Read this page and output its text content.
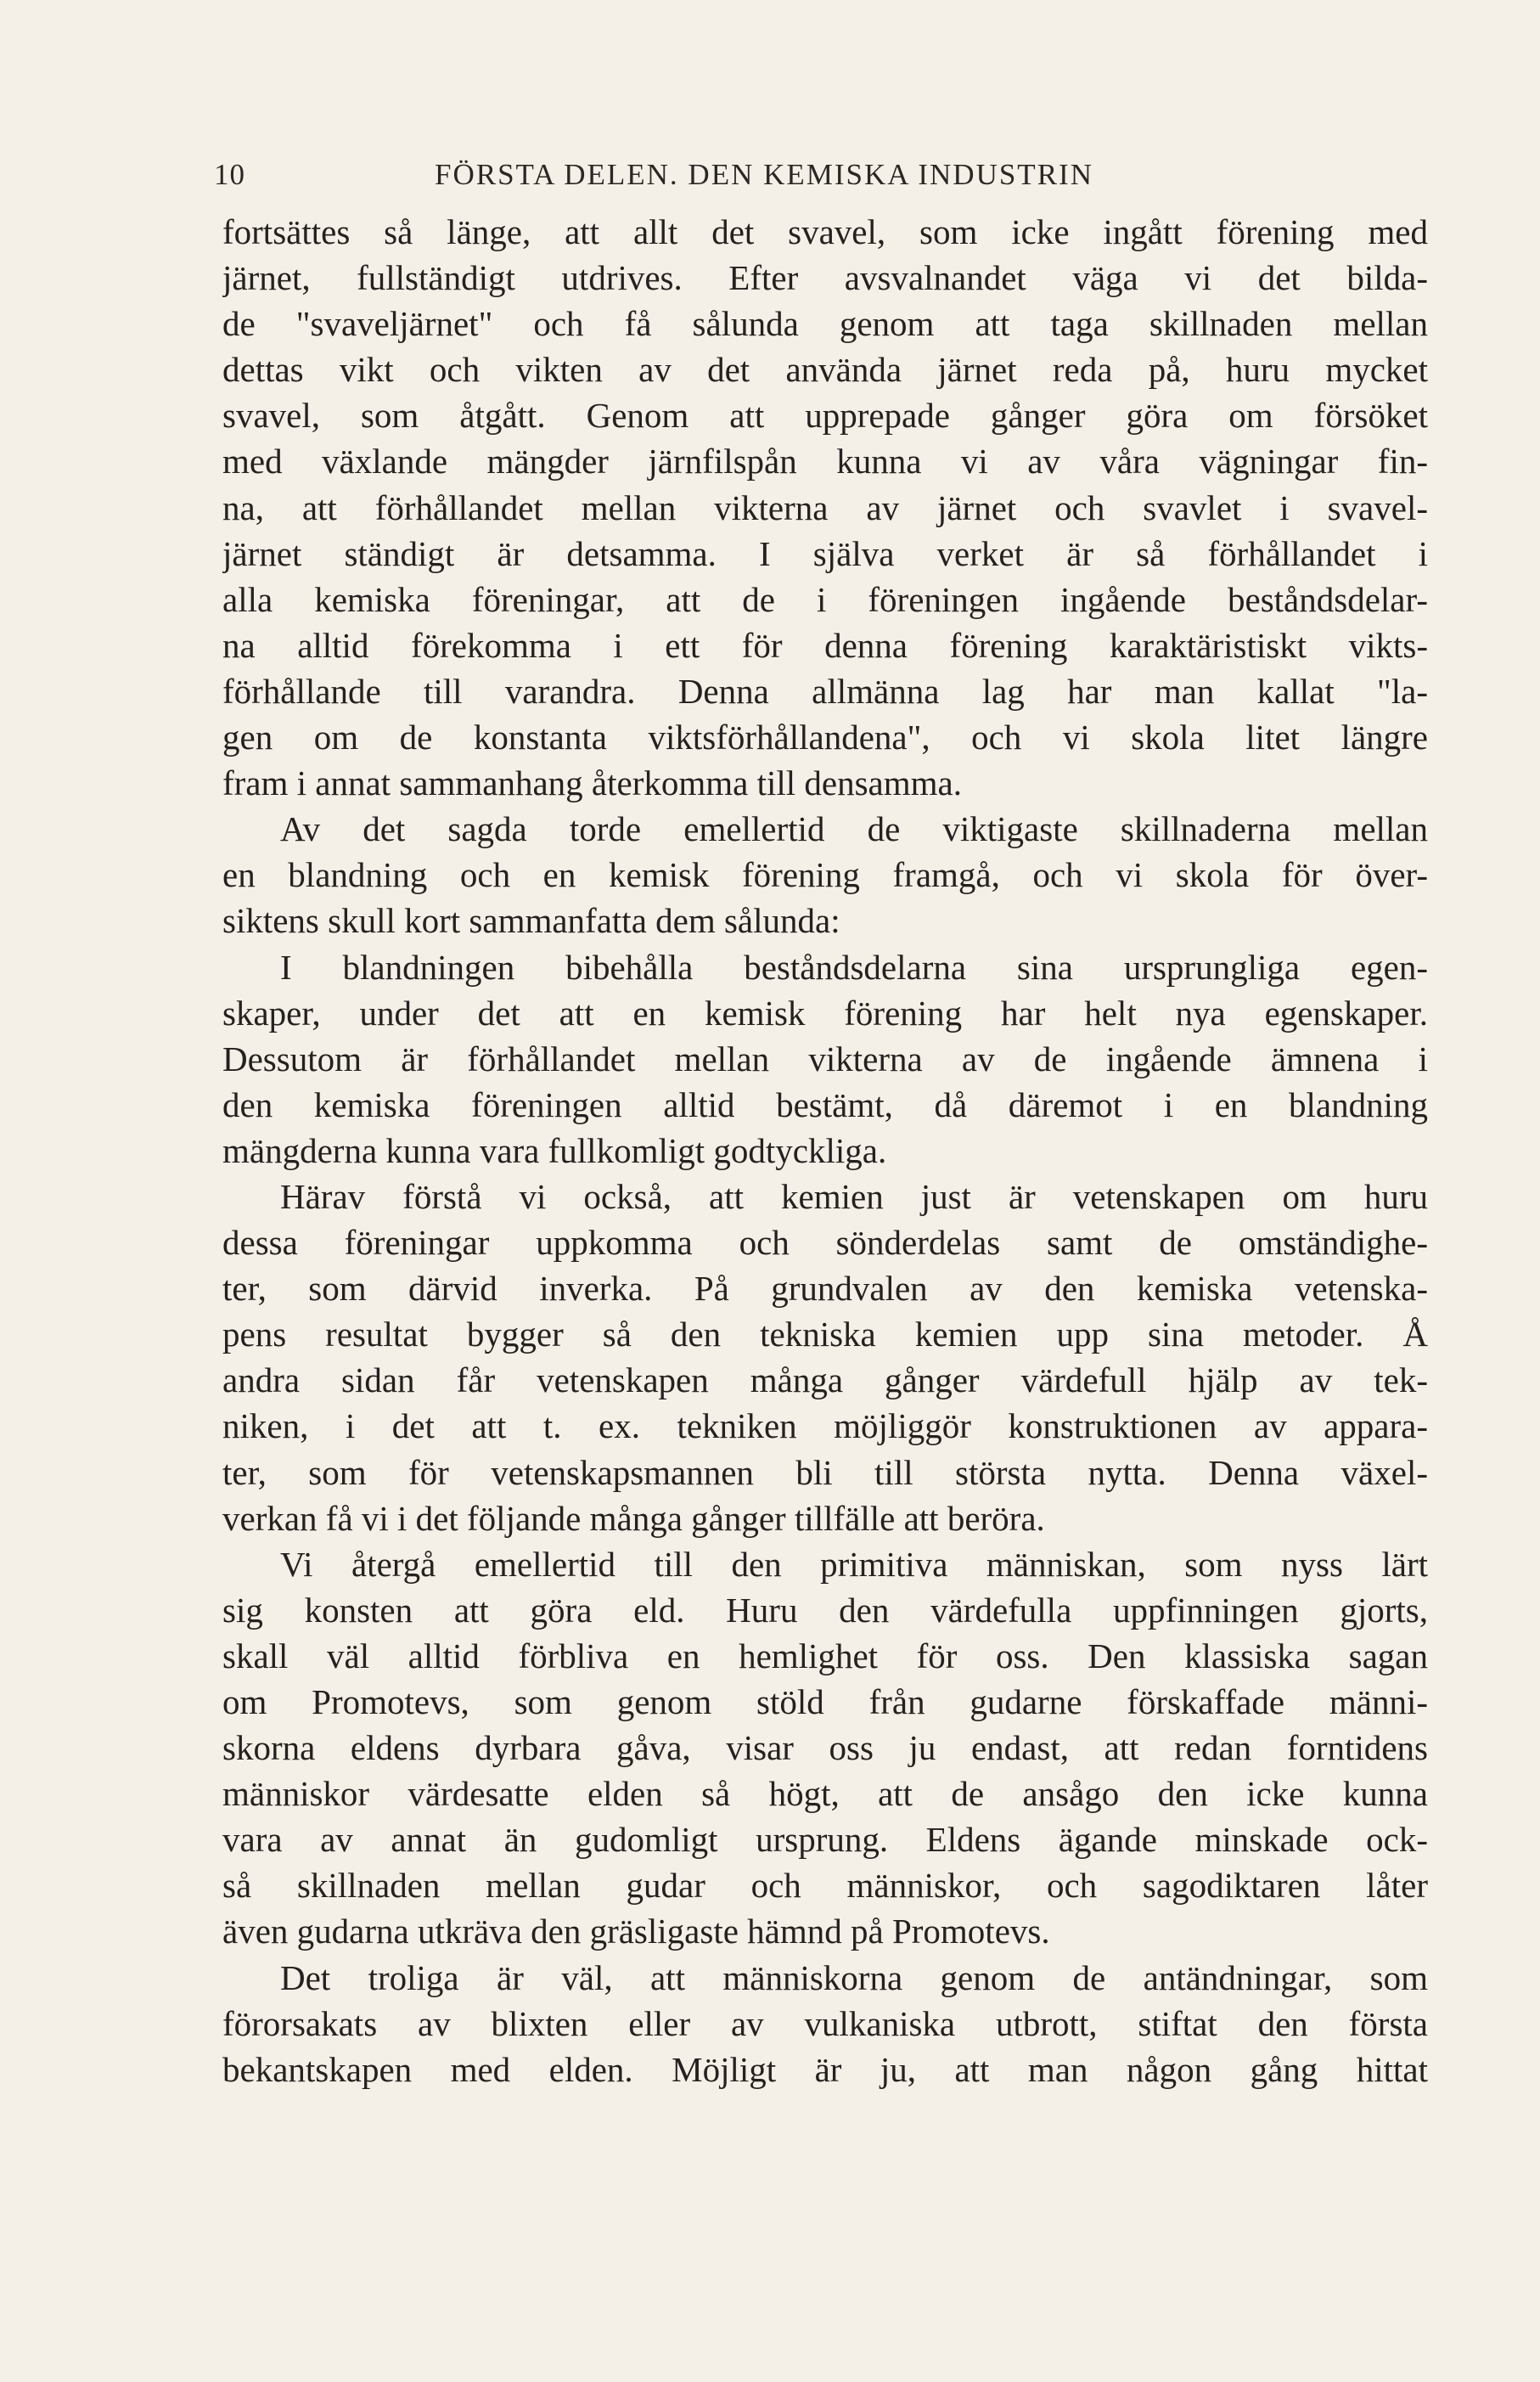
10	FÖRSTA DELEN. DEN KEMISKA INDUSTRIN
fortsättes så länge, att allt det svavel, som icke ingått förening med
järnet, fullständigt utdrives. Efter avsvalnandet väga vi det bilda-
de "svaveljärnet" och få sålunda genom att taga skillnaden mellan
dettas vikt och vikten av det använda järnet reda på, huru mycket
svavel, som åtgått. Genom att upprepade gånger göra om försöket
med växlande mängder järnfilspån kunna vi av våra vägningar fin-
na, att förhållandet mellan vikterna av järnet och svavlet i svavel-
järnet ständigt är detsamma. I själva verket är så förhållandet i
alla kemiska föreningar, att de i föreningen ingående beståndsdelar-
na alltid förekomma i ett för denna förening karaktäristiskt vikts-
förhållande till varandra. Denna allmänna lag har man kallat "la-
gen om de konstanta viktsförhållandena", och vi skola litet längre
fram i annat sammanhang återkomma till densamma.
Av det sagda torde emellertid de viktigaste skillnaderna mellan
en blandning och en kemisk förening framgå, och vi skola för över-
siktens skull kort sammanfatta dem sålunda:
I blandningen bibehålla beståndsdelarna sina ursprungliga egen-
skaper, under det att en kemisk förening har helt nya egenskaper.
Dessutom är förhållandet mellan vikterna av de ingående ämnena i
den kemiska föreningen alltid bestämt, då däremot i en blandning
mängderna kunna vara fullkomligt godtyckliga.
Härav förstå vi också, att kemien just är vetenskapen om huru
dessa föreningar uppkomma och sönderdelas samt de omständighe-
ter, som därvid inverka. På grundvalen av den kemiska vetenska-
pens resultat bygger så den tekniska kemien upp sina metoder. Å
andra sidan får vetenskapen många gånger värdefull hjälp av tek-
niken, i det att t. ex. tekniken möjliggör konstruktionen av appara-
ter, som för vetenskapsmannen bli till största nytta. Denna växel-
verkan få vi i det följande många gånger tillfälle att beröra.
Vi återgå emellertid till den primitiva människan, som nyss lärt
sig konsten att göra eld. Huru den värdefulla uppfinningen gjorts,
skall väl alltid förbliva en hemlighet för oss. Den klassiska sagan
om Promotevs, som genom stöld från gudarne förskaffade männi-
skorna eldens dyrbara gåva, visar oss ju endast, att redan forntidens
människor värdesatte elden så högt, att de ansågo den icke kunna
vara av annat än gudomligt ursprung. Eldens ägande minskade ock-
så skillnaden mellan gudar och människor, och sagodiktaren låter
även gudarna utkräva den gräsligaste hämnd på Promotevs.
Det troliga är väl, att människorna genom de antändningar, som
förorsakats av blixten eller av vulkaniska utbrott, stiftat den första
bekantskapen med elden. Möjligt är ju, att man någon gång hittat
